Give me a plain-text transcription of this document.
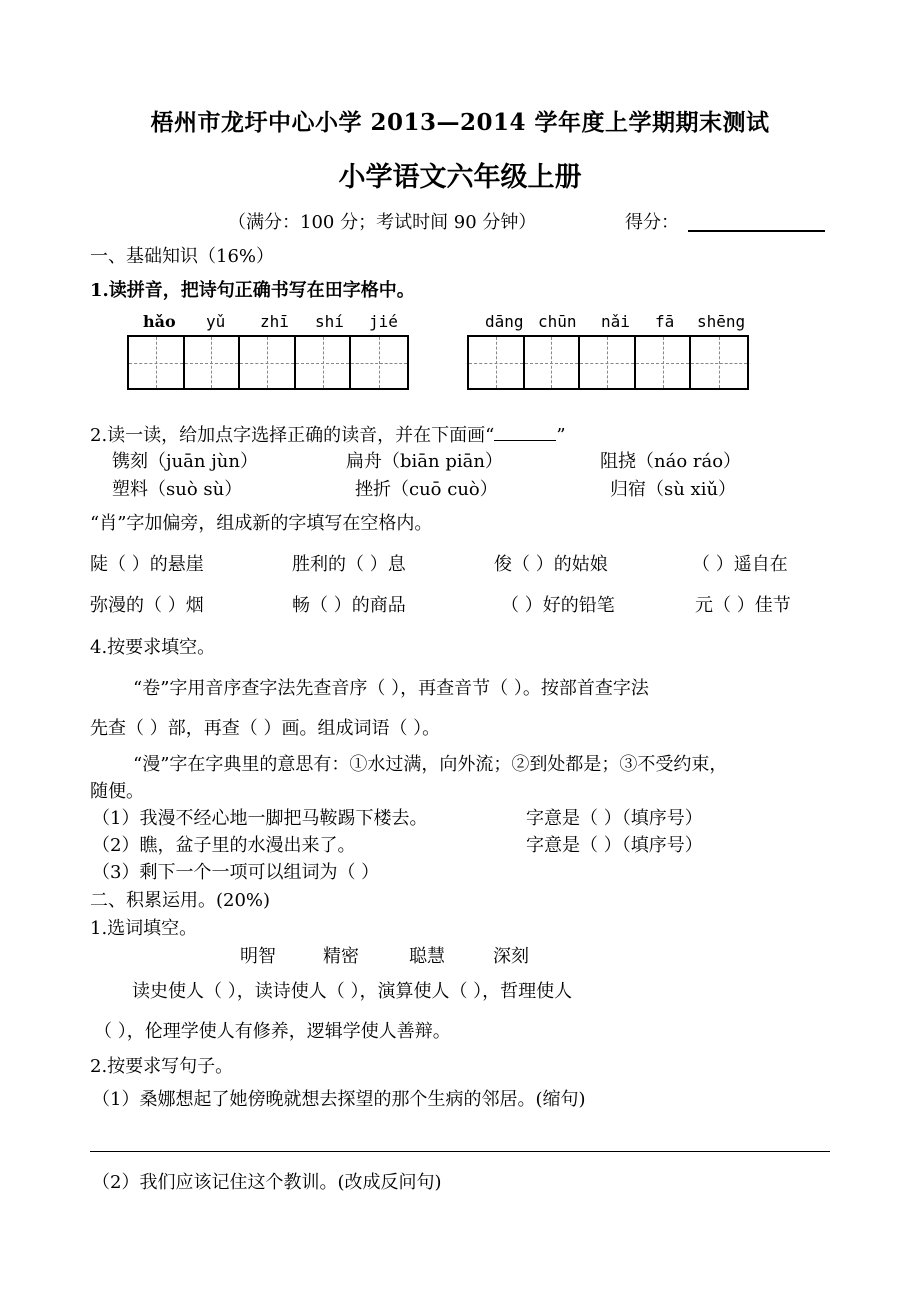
梧州市龙圩中心小学 2013—2014 学年度上学期期末测试
小学语文六年级上册
（满分：100 分；考试时间 90 分钟）	得分：
一、基础知识（16%）
1.读拼音，把诗句正确书写在田字格中。
hǎo yǔ zhī shí jié	dāng chūn nǎi fā shēng
2.读一读，给加点字选择正确的读音，并在下面画“	”
镌刻（juān jùn）	扁舟（biān piān）	阻挠（náo ráo）
塑料（suò sù）	挫折（cuō cuò）	归宿（sù xiǔ）
“肖”字加偏旁，组成新的字填写在空格内。
陡（ ）的悬崖	胜利的（ ）息	俊（ ）的姑娘	（ ）遥自在
弥漫的（ ）烟	畅（ ）的商品	（ ）好的铅笔	元（ ）佳节
4.按要求填空。
“卷”字用音序查字法先查音序（ ），再查音节（ ）。按部首查字法
先查（ ）部，再查（ ）画。组成词语（ ）。
“漫”字在字典里的意思有：①水过满，向外流；②到处都是；③不受约束，
随便。
（1）我漫不经心地一脚把马鞍踢下楼去。	字意是（ ）（填序号）
（2）瞧，盆子里的水漫出来了。	字意是（ ）（填序号）
（3）剩下一个一项可以组词为（ ）
二、积累运用。(20%)
1.选词填空。
明智	精密	聪慧	深刻
读史使人（ ），读诗使人（ ），演算使人（ ），哲理使人
（ ），伦理学使人有修养，逻辑学使人善辩。
2.按要求写句子。
（1）桑娜想起了她傍晚就想去探望的那个生病的邻居。(缩句)
（2）我们应该记住这个教训。(改成反问句)
